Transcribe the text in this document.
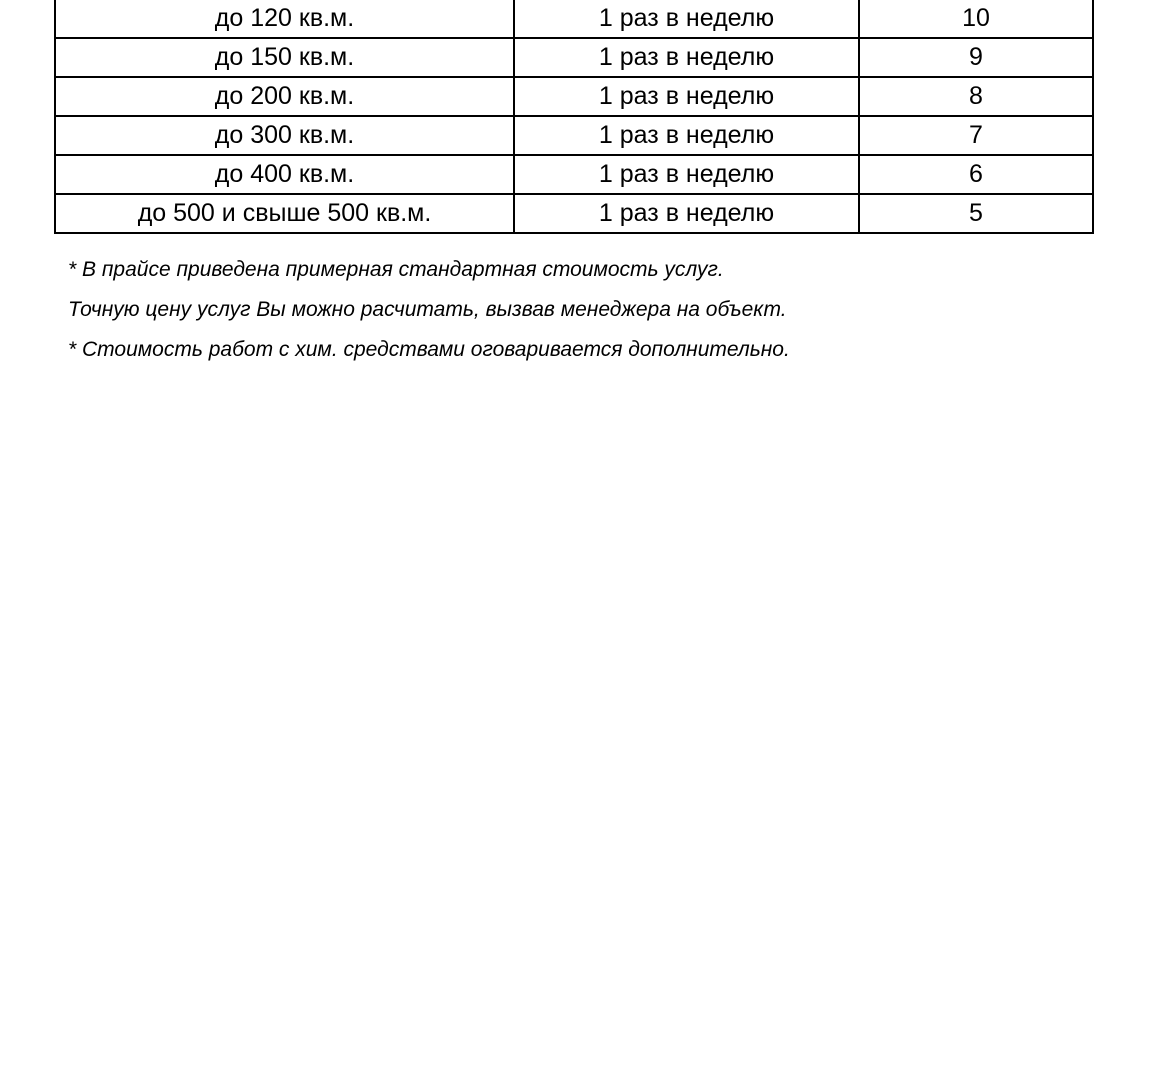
до 120 кв.м.	1 раз в неделю	10
до 150 кв.м.	1 раз в неделю	9
до 200 кв.м.	1 раз в неделю	8
до 300 кв.м.	1 раз в неделю	7
до 400 кв.м.	1 раз в неделю	6
до 500 и свыше 500 кв.м.	1 раз в неделю	5
* В прайсе приведена примерная стандартная стоимость услуг.
Точную цену услуг Вы можно расчитать, вызвав менеджера на объект.
* Стоимость работ с хим. средствами оговаривается дополнительно.
